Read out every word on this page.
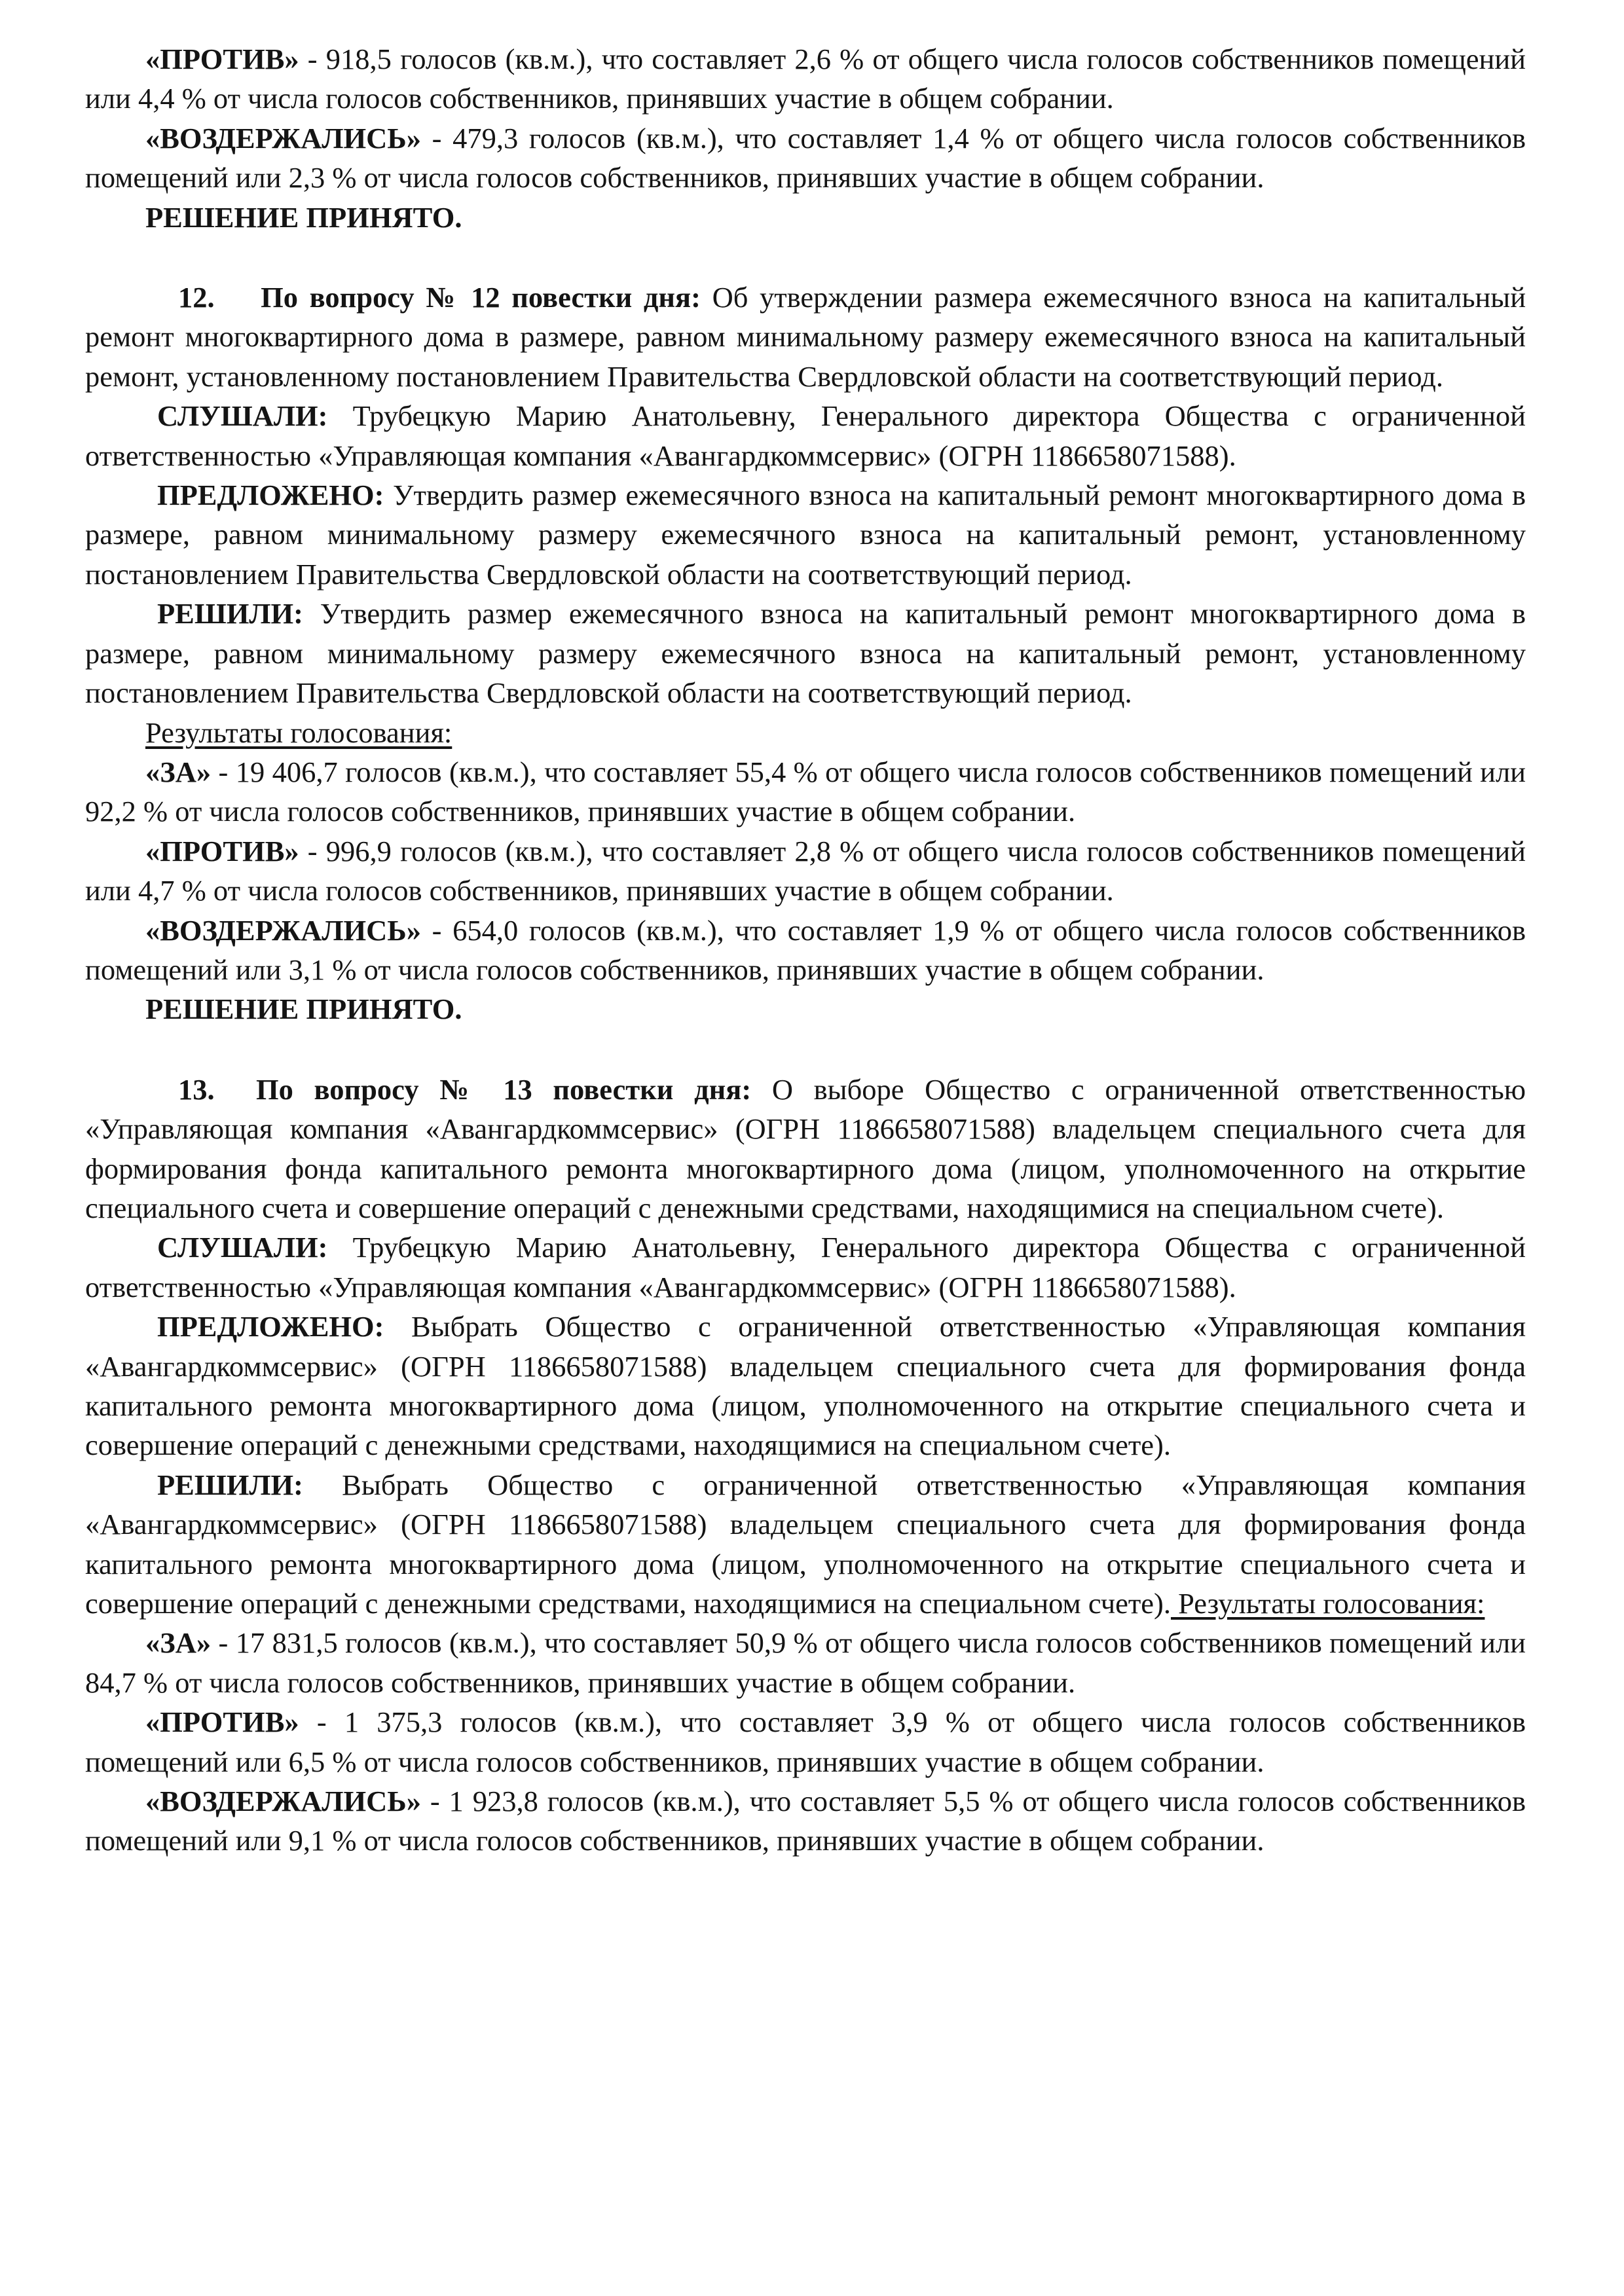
«ПРОТИВ» - 918,5 голосов (кв.м.), что составляет 2,6 % от общего числа голосов собственников помещений или 4,4 % от числа голосов собственников, принявших участие в общем собрании.

«ВОЗДЕРЖАЛИСЬ» - 479,3 голосов (кв.м.), что составляет 1,4 % от общего числа голосов собственников помещений или 2,3 % от числа голосов собственников, принявших участие в общем собрании.

РЕШЕНИЕ ПРИНЯТО.

12. По вопросу № 12 повестки дня: Об утверждении размера ежемесячного взноса на капитальный ремонт многоквартирного дома в размере, равном минимальному размеру ежемесячного взноса на капитальный ремонт, установленному постановлением Правительства Свердловской области на соответствующий период.

СЛУШАЛИ: Трубецкую Марию Анатольевну, Генерального директора Общества с ограниченной ответственностью «Управляющая компания «Авангардкоммсервис» (ОГРН 1186658071588).

ПРЕДЛОЖЕНО: Утвердить размер ежемесячного взноса на капитальный ремонт многоквартирного дома в размере, равном минимальному размеру ежемесячного взноса на капитальный ремонт, установленному постановлением Правительства Свердловской области на соответствующий период.

РЕШИЛИ: Утвердить размер ежемесячного взноса на капитальный ремонт многоквартирного дома в размере, равном минимальному размеру ежемесячного взноса на капитальный ремонт, установленному постановлением Правительства Свердловской области на соответствующий период.

Результаты голосования:

«ЗА» - 19 406,7 голосов (кв.м.), что составляет 55,4 % от общего числа голосов собственников помещений или 92,2 % от числа голосов собственников, принявших участие в общем собрании.

«ПРОТИВ» - 996,9 голосов (кв.м.), что составляет 2,8 % от общего числа голосов собственников помещений или 4,7 % от числа голосов собственников, принявших участие в общем собрании.

«ВОЗДЕРЖАЛИСЬ» - 654,0 голосов (кв.м.), что составляет 1,9 % от общего числа голосов собственников помещений или 3,1 % от числа голосов собственников, принявших участие в общем собрании.

РЕШЕНИЕ ПРИНЯТО.

13. По вопросу № 13 повестки дня: О выборе Общество с ограниченной ответственностью «Управляющая компания «Авангардкоммсервис» (ОГРН 1186658071588) владельцем специального счета для формирования фонда капитального ремонта многоквартирного дома (лицом, уполномоченного на открытие специального счета и совершение операций с денежными средствами, находящимися на специальном счете).

СЛУШАЛИ: Трубецкую Марию Анатольевну, Генерального директора Общества с ограниченной ответственностью «Управляющая компания «Авангардкоммсервис» (ОГРН 1186658071588).

ПРЕДЛОЖЕНО: Выбрать Общество с ограниченной ответственностью «Управляющая компания «Авангардкоммсервис» (ОГРН 1186658071588) владельцем специального счета для формирования фонда капитального ремонта многоквартирного дома (лицом, уполномоченного на открытие специального счета и совершение операций с денежными средствами, находящимися на специальном счете).

РЕШИЛИ: Выбрать Общество с ограниченной ответственностью «Управляющая компания «Авангардкоммсервис» (ОГРН 1186658071588) владельцем специального счета для формирования фонда капитального ремонта многоквартирного дома (лицом, уполномоченного на открытие специального счета и совершение операций с денежными средствами, находящимися на специальном счете). Результаты голосования:

«ЗА» - 17 831,5 голосов (кв.м.), что составляет 50,9 % от общего числа голосов собственников помещений или 84,7 % от числа голосов собственников, принявших участие в общем собрании.

«ПРОТИВ» - 1 375,3 голосов (кв.м.), что составляет 3,9 % от общего числа голосов собственников помещений или 6,5 % от числа голосов собственников, принявших участие в общем собрании.

«ВОЗДЕРЖАЛИСЬ» - 1 923,8 голосов (кв.м.), что составляет 5,5 % от общего числа голосов собственников помещений или 9,1 % от числа голосов собственников, принявших участие в общем собрании.
